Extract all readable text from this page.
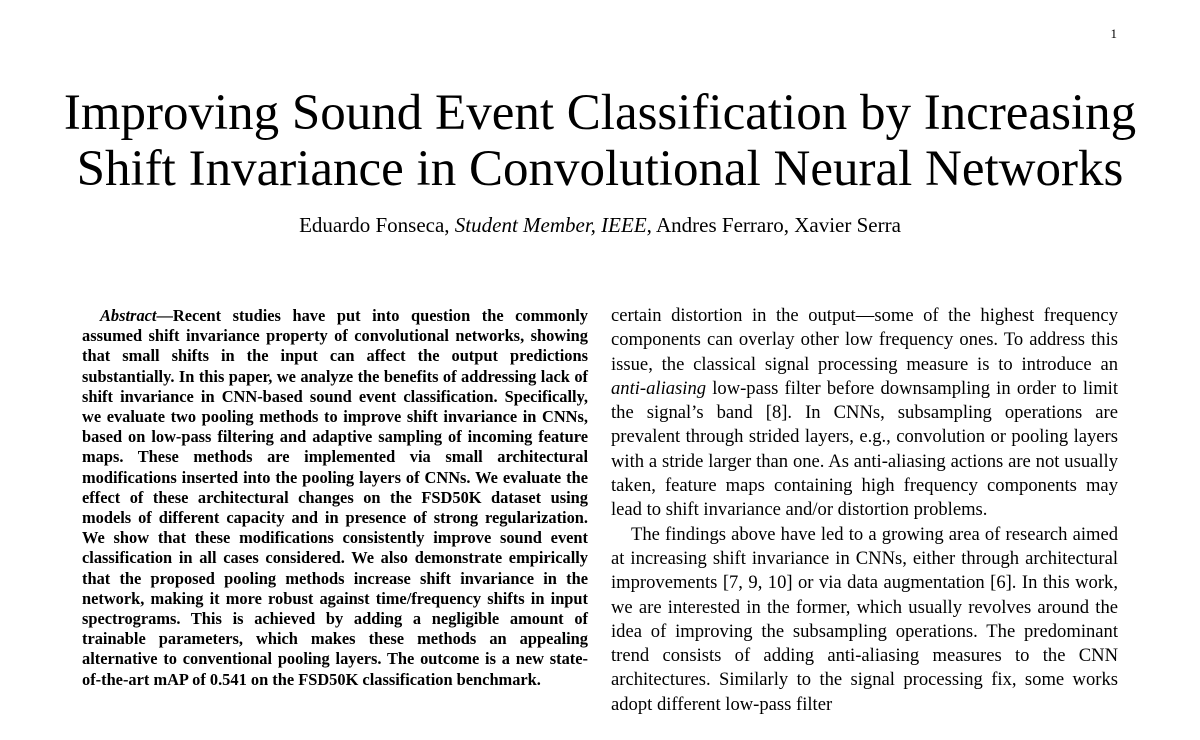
1
Improving Sound Event Classification by Increasing
Shift Invariance in Convolutional Neural Networks
Eduardo Fonseca, Student Member, IEEE, Andres Ferraro, Xavier Serra

Abstract—Recent studies have put into question the commonly assumed shift invariance property of convolutional networks, showing that small shifts in the input can affect the output predictions substantially. In this paper, we analyze the benefits of addressing lack of shift invariance in CNN-based sound event classification. Specifically, we evaluate two pooling methods to improve shift invariance in CNNs, based on low-pass filtering and adaptive sampling of incoming feature maps. These methods are implemented via small architectural modifications inserted into the pooling layers of CNNs. We evaluate the effect of these architectural changes on the FSD50K dataset using models of different capacity and in presence of strong regularization. We show that these modifications consistently improve sound event classification in all cases considered. We also demonstrate empirically that the proposed pooling methods increase shift invariance in the network, making it more robust against time/frequency shifts in input spectrograms. This is achieved by adding a negligible amount of trainable parameters, which makes these methods an appealing alternative to conventional pooling layers. The outcome is a new state-of-the-art mAP of 0.541 on the FSD50K classification benchmark.

certain distortion in the output—some of the highest frequency components can overlay other low frequency ones. To address this issue, the classical signal processing measure is to introduce an anti-aliasing low-pass filter before downsampling in order to limit the signal’s band [8]. In CNNs, subsampling operations are prevalent through strided layers, e.g., convolution or pooling layers with a stride larger than one. As anti-aliasing actions are not usually taken, feature maps containing high frequency components may lead to shift invariance and/or distortion problems.

The findings above have led to a growing area of research aimed at increasing shift invariance in CNNs, either through architectural improvements [7, 9, 10] or via data augmentation [6]. In this work, we are interested in the former, which usually revolves around the idea of improving the subsampling operations. The predominant trend consists of adding anti-aliasing measures to the CNN architectures. Similarly to the signal processing fix, some works adopt different low-pass filter
